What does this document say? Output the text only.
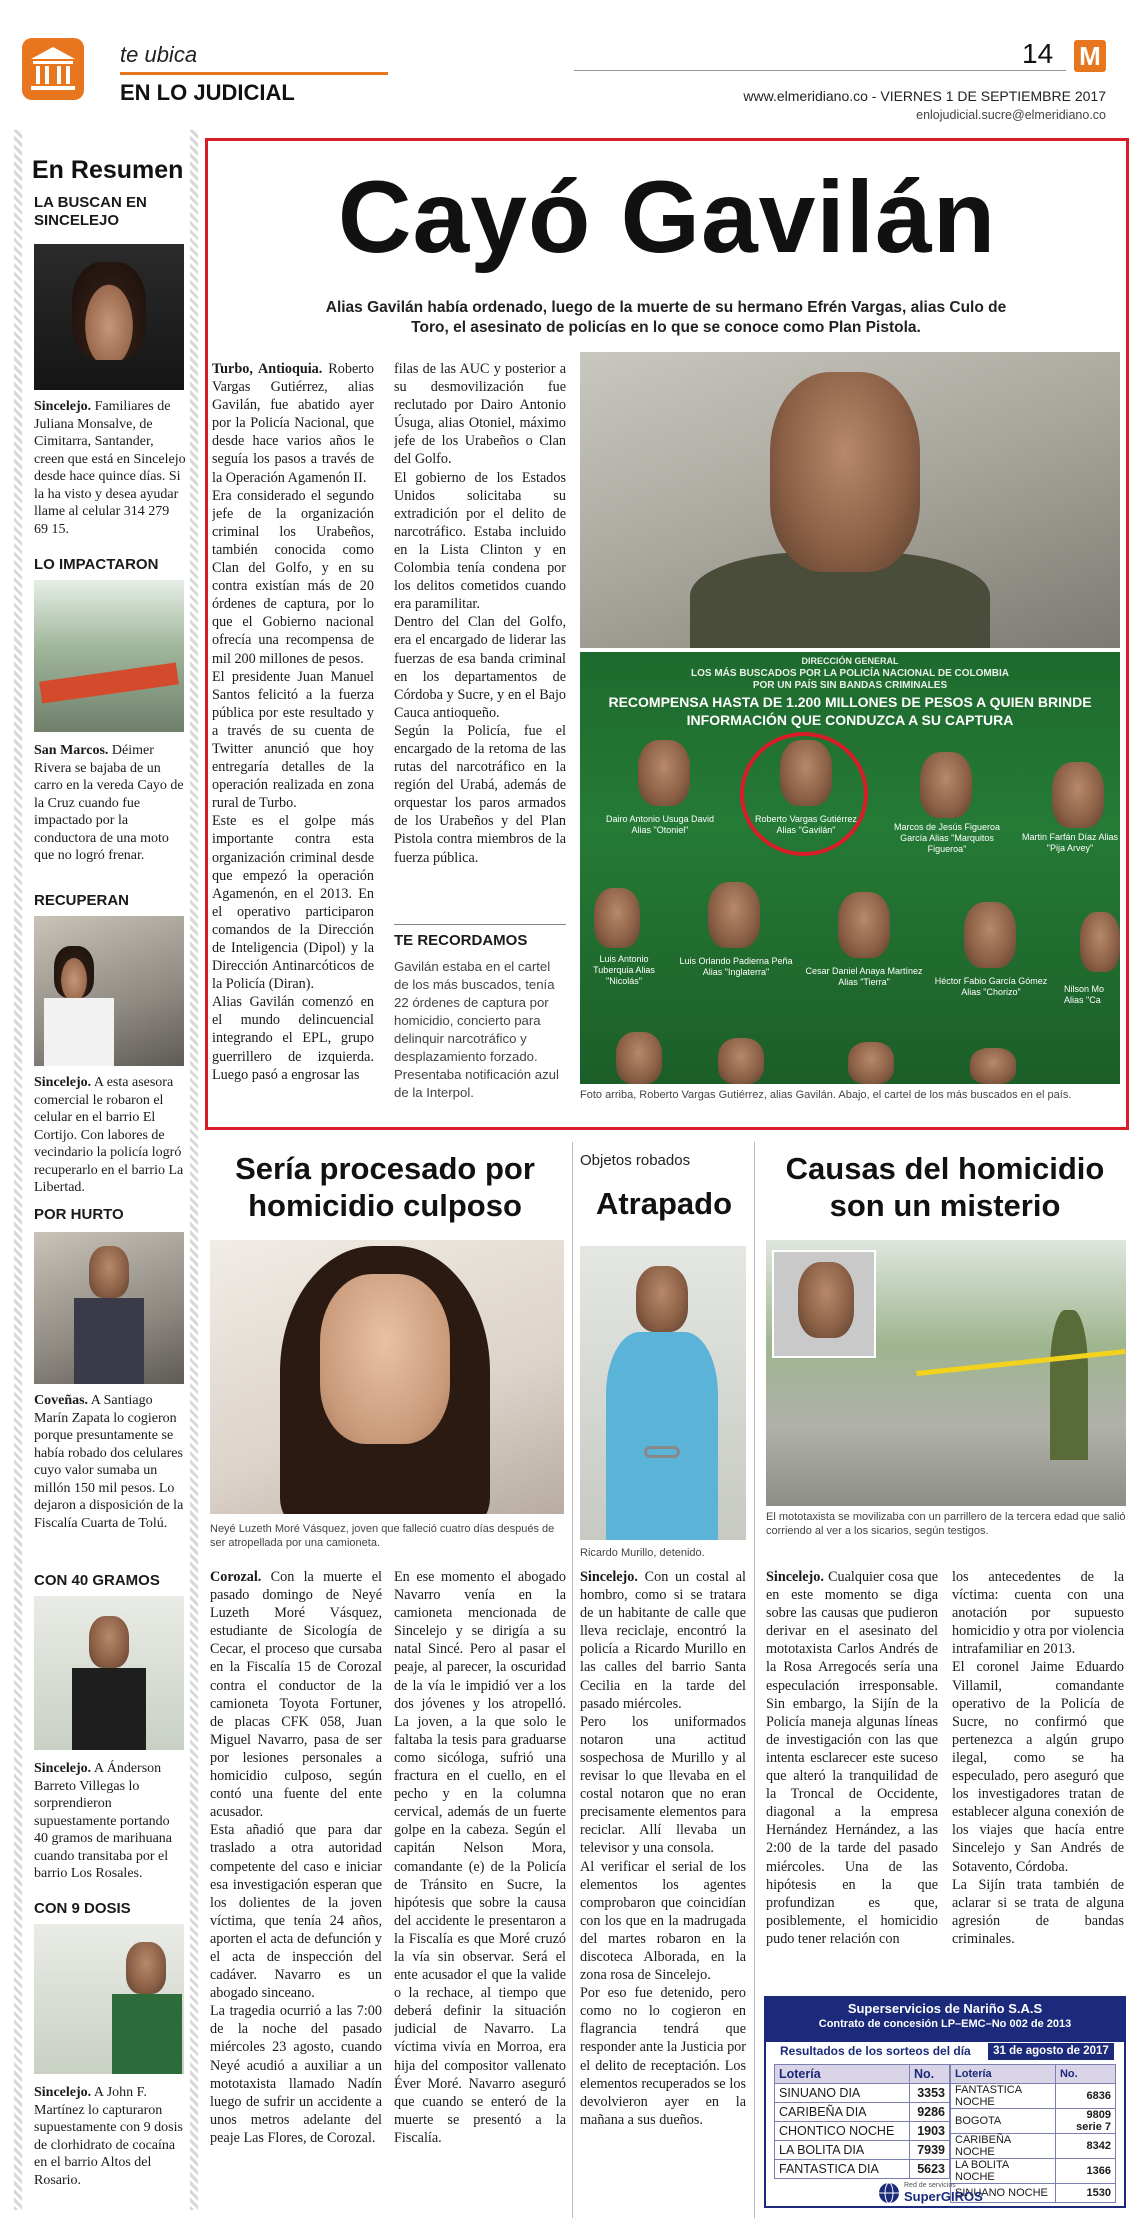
te ubica
EN LO JUDICIAL
14 M
www.elmeridiano.co - VIERNES 1 DE SEPTIEMBRE 2017
enlojudicial.sucre@elmeridiano.co
En Resumen
LA BUSCAN EN SINCELEJO
Sincelejo. Familiares de Juliana Monsalve, de Cimitarra, Santander, creen que está en Sincelejo desde hace quince días. Si la ha visto y desea ayudar llame al celular 314 279 69 15.
LO IMPACTARON
San Marcos. Déimer Rivera se bajaba de un carro en la vereda Cayo de la Cruz cuando fue impactado por la conductora de una moto que no logró frenar.
RECUPERAN
Sincelejo. A esta asesora comercial le robaron el celular en el barrio El Cortijo. Con labores de vecindario la policía logró recuperarlo en el barrio La Libertad.
POR HURTO
Coveñas. A Santiago Marín Zapata lo cogieron porque presuntamente se había robado dos celulares cuyo valor sumaba un millón 150 mil pesos. Lo dejaron a disposición de la Fiscalía Cuarta de Tolú.
CON 40 GRAMOS
Sincelejo. A Ánderson Barreto Villegas lo sorprendieron supuestamente portando 40 gramos de marihuana cuando transitaba por el barrio Los Rosales.
CON 9 DOSIS
Sincelejo. A John F. Martínez lo capturaron supuestamente con 9 dosis de clorhidrato de cocaína en el barrio Altos del Rosario.
Cayó Gavilán
Alias Gavilán había ordenado, luego de la muerte de su hermano Efrén Vargas, alias Culo de Toro, el asesinato de policías en lo que se conoce como Plan Pistola.

Turbo, Antioquia. Roberto Vargas Gutiérrez, alias Gavilán, fue abatido ayer por la Policía Nacional, que desde hace varios años le seguía los pasos a través de la Operación Agamenón II.

Era considerado el segundo jefe de la organización criminal los Urabeños, también conocida como Clan del Golfo, y en su contra existían más de 20 órdenes de captura, por lo que el Gobierno nacional ofrecía una recompensa de mil 200 millones de pesos.

El presidente Juan Manuel Santos felicitó a la fuerza pública por este resultado y a través de su cuenta de Twitter anunció que hoy entregaría detalles de la operación realizada en zona rural de Turbo.

Este es el golpe más importante contra esta organización criminal desde que empezó la operación Agamenón, en el 2013. En el operativo participaron comandos de la Dirección de Inteligencia (Dipol) y la Dirección Antinarcóticos de la Policía (Diran).

Alias Gavilán comenzó en el mundo delincuencial integrando el EPL, grupo guerrillero de izquierda. Luego pasó a engrosar las

filas de las AUC y posterior a su desmovilización fue reclutado por Dairo Antonio Úsuga, alias Otoniel, máximo jefe de los Urabeños o Clan del Golfo.

El gobierno de los Estados Unidos solicitaba su extradición por el delito de narcotráfico. Estaba incluido en la Lista Clinton y en Colombia tenía condena por los delitos cometidos cuando era paramilitar.

Dentro del Clan del Golfo, era el encargado de liderar las fuerzas de esa banda criminal en los departamentos de Córdoba y Sucre, y en el Bajo Cauca antioqueño.

Según la Policía, fue el encargado de la retoma de las rutas del narcotráfico en la región del Urabá, además de orquestar los paros armados de los Urabeños y del Plan Pistola contra miembros de la fuerza pública.

TE RECORDAMOS
Gavilán estaba en el cartel de los más buscados, tenía 22 órdenes de captura por homicidio, concierto para delinquir narcotráfico y desplazamiento forzado. Presentaba notificación azul de la Interpol.
DIRECCIÓN GENERAL
LOS MÁS BUSCADOS POR LA POLICÍA NACIONAL DE COLOMBIA
POR UN PAÍS SIN BANDAS CRIMINALES
RECOMPENSA HASTA DE 1.200 MILLONES DE PESOS A QUIEN BRINDE
INFORMACIÓN QUE CONDUZCA A SU CAPTURA
Dairo Antonio Usuga David Alias "Otoniel"
Roberto Vargas Gutiérrez Alias "Gavilán"	Marcos de Jesús Figueroa García Alias "Marquitos Figueroa"
Martin Farfán Díaz Alias "Pija Arvey"
Luis Antonio Tuberquia Alias "Nicolás"
Luis Orlando Padierna Peña Alias "Inglaterra"	Cesar Daniel Anaya Martínez Alias "Tierra"	Héctor Fabio García Gómez Alias "Chorizo"	Nilson Mo Alias "Ca
Foto arriba, Roberto Vargas Gutiérrez, alias Gavilán. Abajo, el cartel de los más buscados en el país.
Sería procesado por homicidio culposo
Neyé Luzeth Moré Vásquez, joven que falleció cuatro días después de ser atropellada por una camioneta.

Corozal. Con la muerte el pasado domingo de Neyé Luzeth Moré Vásquez, estudiante de Sicología de Cecar, el proceso que cursaba en la Fiscalía 15 de Corozal contra el conductor de la camioneta Toyota Fortuner, de placas CFK 058, Juan Miguel Navarro, pasa de ser por lesiones personales a homicidio culposo, según contó una fuente del ente acusador.

Esta añadió que para dar traslado a otra autoridad competente del caso e iniciar esa investigación esperan que los dolientes de la joven víctima, que tenía 24 años, aporten el acta de defunción y el acta de inspección del cadáver. Navarro es un abogado sinceano.

La tragedia ocurrió a las 7:00 de la noche del pasado miércoles 23 agosto, cuando Neyé acudió a auxiliar a un mototaxista llamado Nadín luego de sufrir un accidente a unos metros adelante del peaje Las Flores, de Corozal.

En ese momento el abogado Navarro venía en la camioneta mencionada de Sincelejo y se dirigía a su natal Sincé. Pero al pasar el peaje, al parecer, la oscuridad de la vía le impidió ver a los dos jóvenes y los atropelló. La joven, a la que solo le faltaba la tesis para graduarse como sicóloga, sufrió una fractura en el cuello, en el pecho y en la columna cervical, además de un fuerte golpe en la cabeza. Según el capitán Nelson Mora, comandante (e) de la Policía de Tránsito en Sucre, la hipótesis que sobre la causa del accidente le presentaron a la Fiscalía es que Moré cruzó la vía sin observar. Será el ente acusador el que la valide o la rechace, al tiempo que deberá definir la situación judicial de Navarro. La víctima vivía en Morroa, era hija del compositor vallenato Éver Moré. Navarro aseguró que cuando se enteró de la muerte se presentó a la Fiscalía.

Objetos robados
Atrapado
Ricardo Murillo, detenido.

Sincelejo. Con un costal al hombro, como si se tratara de un habitante de calle que lleva reciclaje, encontró la policía a Ricardo Murillo en las calles del barrio Santa Cecilia en la tarde del pasado miércoles.

Pero los uniformados notaron una actitud sospechosa de Murillo y al revisar lo que llevaba en el costal notaron que no eran precisamente elementos para reciclar. Allí llevaba un televisor y una consola.

Al verificar el serial de los elementos los agentes comprobaron que coincidían con los que en la madrugada del martes robaron en la discoteca Alborada, en la zona rosa de Sincelejo.

Por eso fue detenido, pero como no lo cogieron en flagrancia tendrá que responder ante la Justicia por el delito de receptación. Los elementos recuperados se los devolvieron ayer en la mañana a sus dueños.

Causas del homicidio son un misterio
El mototaxista se movilizaba con un parrillero de la tercera edad que salió corriendo al ver a los sicarios, según testigos.

Sincelejo. Cualquier cosa que en este momento se diga sobre las causas que pudieron derivar en el asesinato del mototaxista Carlos Andrés de la Rosa Arregocés sería una especulación irresponsable. Sin embargo, la Sijín de la Policía maneja algunas líneas de investigación con las que intenta esclarecer este suceso que alteró la tranquilidad de la Troncal de Occidente, diagonal a la empresa Hernández Hernández, a las 2:00 de la tarde del pasado miércoles. Una de las hipótesis en la que profundizan es que, posiblemente, el homicidio pudo tener relación con

los antecedentes de la víctima: cuenta con una anotación por supuesto homicidio y otra por violencia intrafamiliar en 2013.

El coronel Jaime Eduardo Villamil, comandante operativo de la Policía de Sucre, no confirmó que pertenezca a algún grupo ilegal, como se ha especulado, pero aseguró que los investigadores tratan de establecer alguna conexión de los viajes que hacía entre Sincelejo y San Andrés de Sotavento, Córdoba.

La Sijín trata también de aclarar si se trata de alguna agresión de bandas criminales.

Superservicios de Nariño S.A.S
Contrato de concesión LP–EMC–No 002 de 2013
Resultados de los sorteos del día	31 de agosto de 2017
Lotería	No.
SINUANO DIA	3353
CARIBEÑA DIA	9286
CHONTICO NOCHE	1903
LA BOLITA DIA	7939
FANTASTICA DIA	5623
Lotería	No.
FANTASTICA NOCHE	6836
BOGOTA	9809 serie 7
CARIBEÑA NOCHE	8342
LA BOLITA NOCHE	1366
SINUANO NOCHE	1530
Red de servicios
SuperGIROS
